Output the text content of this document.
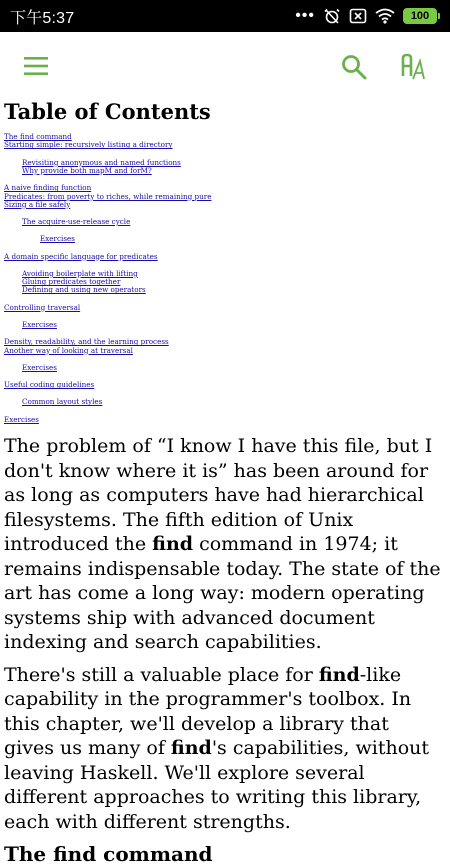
下午5:37	•••	100
Table of Contents
The find command
Starting simple: recursively listing a directory
Revisiting anonymous and named functions
Why provide both mapM and forM?
A naive finding function
Predicates: from poverty to riches, while remaining pure
Sizing a file safely
The acquire-use-release cycle
Exercises
A domain specific language for predicates
Avoiding boilerplate with lifting
Gluing predicates together
Defining and using new operators
Controlling traversal
Exercises
Density, readability, and the learning process
Another way of looking at traversal
Exercises
Useful coding guidelines
Common layout styles
Exercises

The problem of “I know I have this file, but I don't know where it is” has been around for as long as computers have had hierarchical filesystems. The fifth edition of Unix introduced the find command in 1974; it remains indispensable today. The state of the art has come a long way: modern operating systems ship with advanced document indexing and search capabilities.

There's still a valuable place for find-like capability in the programmer's toolbox. In this chapter, we'll develop a library that gives us many of find's capabilities, without leaving Haskell. We'll explore several different approaches to writing this library, each with different strengths.

The find command
